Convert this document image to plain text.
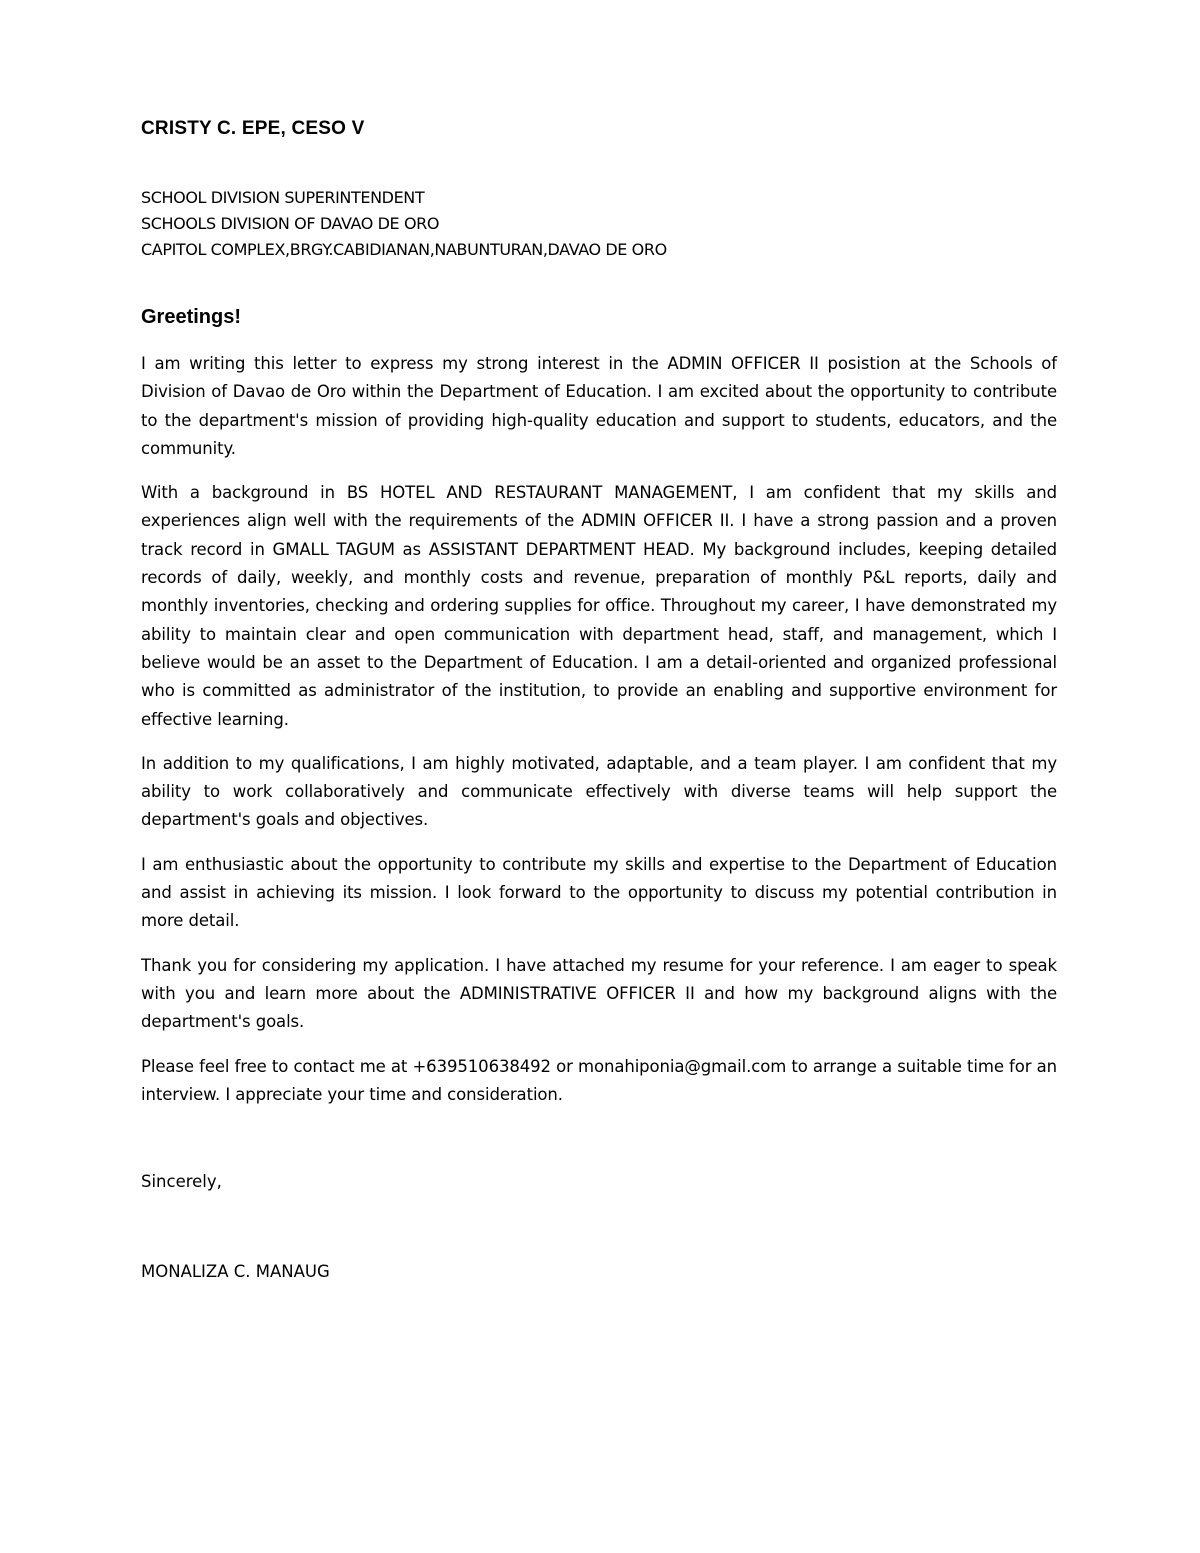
CRISTY C. EPE, CESO V
SCHOOL DIVISION SUPERINTENDENT
SCHOOLS DIVISION OF DAVAO DE ORO
CAPITOL COMPLEX,BRGY.CABIDIANAN,NABUNTURAN,DAVAO DE ORO
Greetings!

I am writing this letter to express my strong interest in the ADMIN OFFICER II posistion at the Schools of Division of Davao de Oro within the Department of Education. I am excited about the opportunity to contribute to the department's mission of providing high-quality education and support to students, educators, and the community.

With a background in BS HOTEL AND RESTAURANT MANAGEMENT, I am confident that my skills and experiences align well with the requirements of the ADMIN OFFICER II. I have a strong passion and a proven track record in GMALL TAGUM as ASSISTANT DEPARTMENT HEAD. My background includes, keeping detailed records of daily, weekly, and monthly costs and revenue, preparation of monthly P&L reports, daily and monthly inventories, checking and ordering supplies for office. Throughout my career, I have demonstrated my ability to maintain clear and open communication with department head, staff, and management, which I believe would be an asset to the Department of Education. I am a detail-oriented and organized professional who is committed as administrator of the institution, to provide an enabling and supportive environment for effective learning.

In addition to my qualifications, I am highly motivated, adaptable, and a team player. I am confident that my ability to work collaboratively and communicate effectively with diverse teams will help support the department's goals and objectives.

I am enthusiastic about the opportunity to contribute my skills and expertise to the Department of Education and assist in achieving its mission. I look forward to the opportunity to discuss my potential contribution in more detail.

Thank you for considering my application. I have attached my resume for your reference. I am eager to speak with you and learn more about the ADMINISTRATIVE OFFICER II and how my background aligns with the department's goals.

Please feel free to contact me at +639510638492 or monahiponia@gmail.com to arrange a suitable time for an interview. I appreciate your time and consideration.

Sincerely,
MONALIZA C. MANAUG
